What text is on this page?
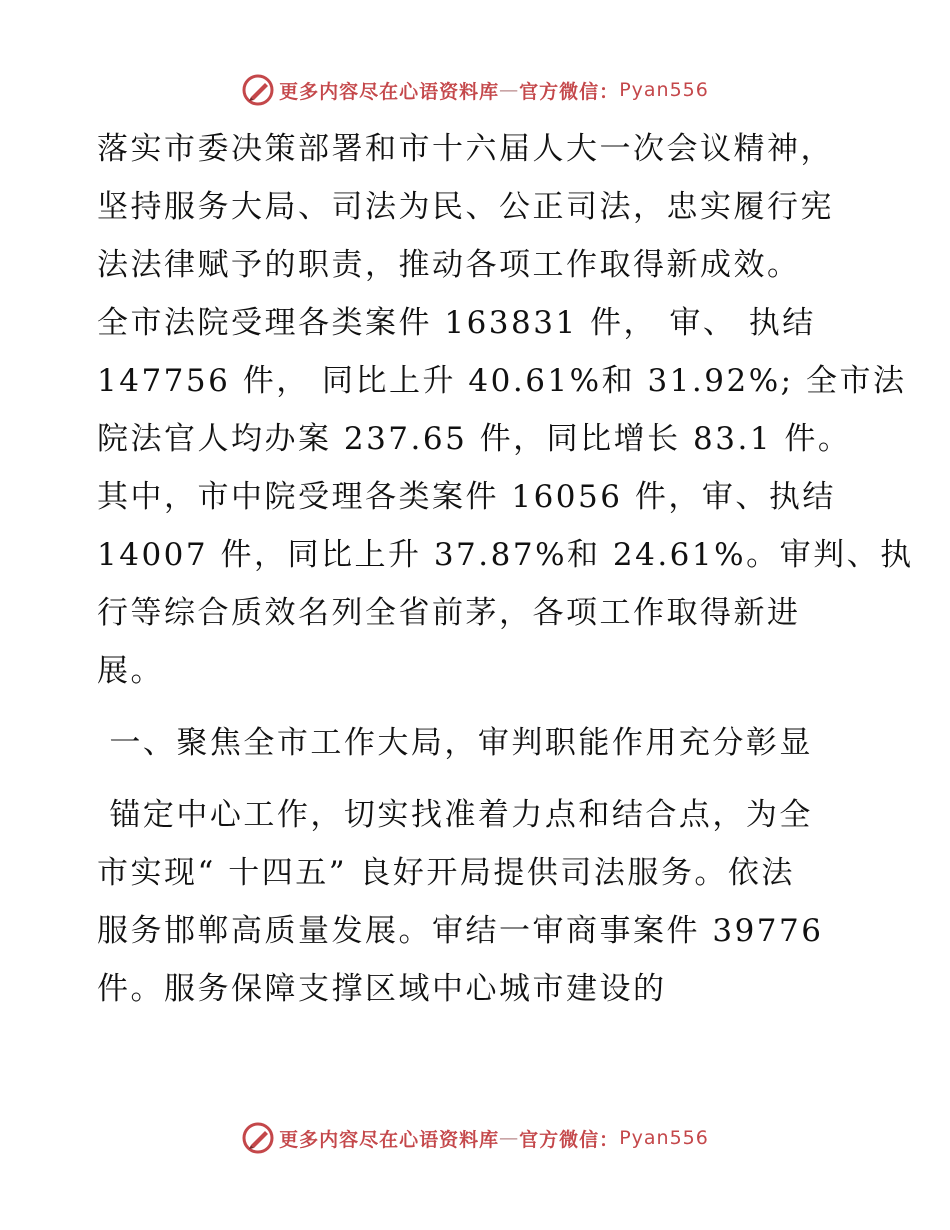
更多内容尽在心语资料库 — 官方微信： Pyan556
落实市委决策部署和市十六届人大一次会议精神，
坚持服务大局、司法为民、公正司法，忠实履行宪
法法律赋予的职责，推动各项工作取得新成效。
全市法院受理各类案件 163831 件， 审、 执结
147756 件， 同比上升 40.61%和 31.92%; 全市法
院法官人均办案 237.65 件，同比增长 83.1 件。
其中，市中院受理各类案件 16056 件，审、执结
14007 件，同比上升 37.87%和 24.61%。审判、执
行等综合质效名列全省前茅，各项工作取得新进
展。
一、聚焦全市工作大局，审判职能作用充分彰显
锚定中心工作，切实找准着力点和结合点，为全
市实现“ 十四五” 良好开局提供司法服务。依法
服务邯郸高质量发展。审结一审商事案件 39776
件。服务保障支撑区域中心城市建设的
更多内容尽在心语资料库 — 官方微信： Pyan556
